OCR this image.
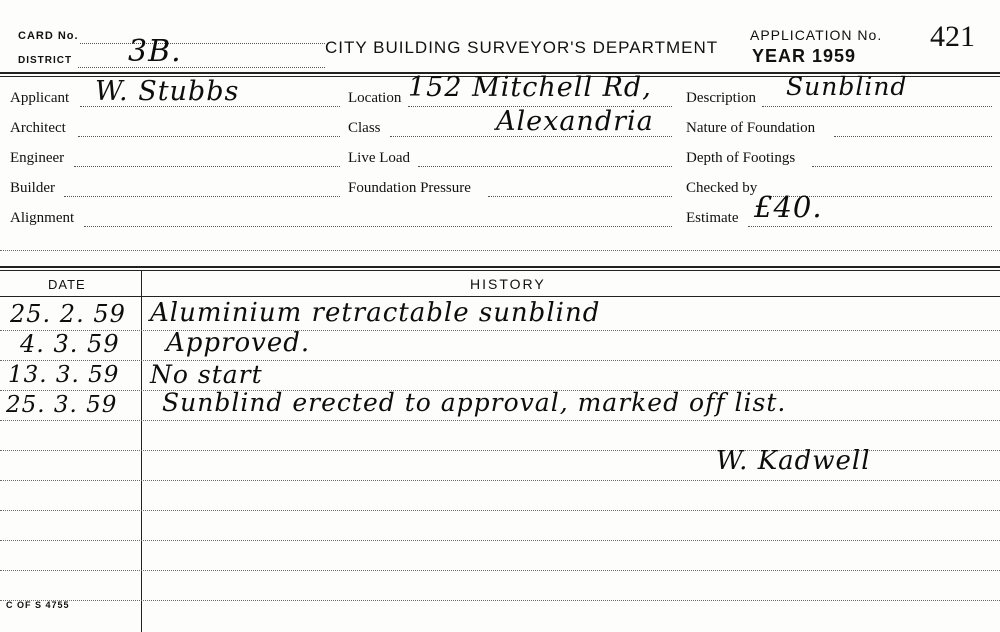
CARD No.
DISTRICT 3B.	CITY BUILDING SURVEYOR'S DEPARTMENT
APPLICATION No. 421
YEAR 1959
Applicant W. Stubbs
Architect
Engineer
Builder
Alignment
Location 152 Mitchell Rd,
Class	Alexandria
Live Load
Foundation Pressure
Description Sunblind
Nature of Foundation
Depth of Footings
Checked by
Estimate £40.
DATE	HISTORY
25. 2. 59 Aluminium retractable sunblind
4. 3. 59 Approved.
13. 3. 59 No start
25. 3. 59 Sunblind erected to approval, marked off list.
W. Kadwell
C OF S 4755
